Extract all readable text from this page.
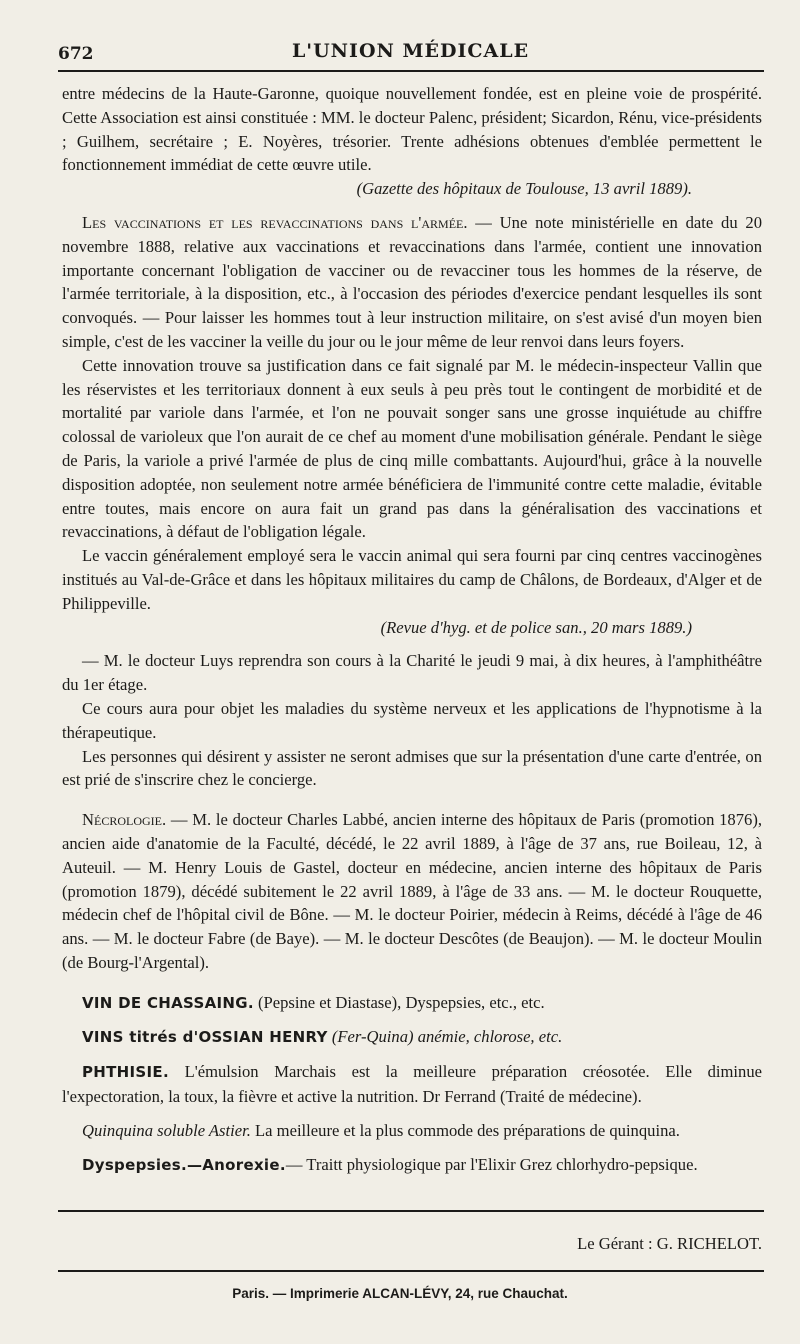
672	L'UNION MÉDICALE

entre médecins de la Haute-Garonne, quoique nouvellement fondée, est en pleine voie de prospérité. Cette Association est ainsi constituée : MM. le docteur Palenc, président; Sicardon, Rénu, vice-présidents ; Guilhem, secrétaire ; E. Noyères, trésorier. Trente adhésions obtenues d'emblée permettent le fonctionnement immédiat de cette œuvre utile.

(Gazette des hôpitaux de Toulouse, 13 avril 1889).

Les vaccinations et les revaccinations dans l'armée. — Une note ministérielle en date du 20 novembre 1888, relative aux vaccinations et revaccinations dans l'armée, contient une innovation importante concernant l'obligation de vacciner ou de revacciner tous les hommes de la réserve, de l'armée territoriale, à la disposition, etc., à l'occasion des périodes d'exercice pendant lesquelles ils sont convoqués. — Pour laisser les hommes tout à leur instruction militaire, on s'est avisé d'un moyen bien simple, c'est de les vacciner la veille du jour ou le jour même de leur renvoi dans leurs foyers.

Cette innovation trouve sa justification dans ce fait signalé par M. le médecin-inspecteur Vallin que les réservistes et les territoriaux donnent à eux seuls à peu près tout le contingent de morbidité et de mortalité par variole dans l'armée, et l'on ne pouvait songer sans une grosse inquiétude au chiffre colossal de varioleux que l'on aurait de ce chef au moment d'une mobilisation générale. Pendant le siège de Paris, la variole a privé l'armée de plus de cinq mille combattants. Aujourd'hui, grâce à la nouvelle disposition adoptée, non seulement notre armée bénéficiera de l'immunité contre cette maladie, évitable entre toutes, mais encore on aura fait un grand pas dans la généralisation des vaccinations et revaccinations, à défaut de l'obligation légale.

Le vaccin généralement employé sera le vaccin animal qui sera fourni par cinq centres vaccinogènes institués au Val-de-Grâce et dans les hôpitaux militaires du camp de Châlons, de Bordeaux, d'Alger et de Philippeville.

(Revue d'hyg. et de police san., 20 mars 1889.)

— M. le docteur Luys reprendra son cours à la Charité le jeudi 9 mai, à dix heures, à l'amphithéâtre du 1er étage.

Ce cours aura pour objet les maladies du système nerveux et les applications de l'hypnotisme à la thérapeutique.

Les personnes qui désirent y assister ne seront admises que sur la présentation d'une carte d'entrée, on est prié de s'inscrire chez le concierge.

Nécrologie. — M. le docteur Charles Labbé, ancien interne des hôpitaux de Paris (promotion 1876), ancien aide d'anatomie de la Faculté, décédé, le 22 avril 1889, à l'âge de 37 ans, rue Boileau, 12, à Auteuil. — M. Henry Louis de Gastel, docteur en médecine, ancien interne des hôpitaux de Paris (promotion 1879), décédé subitement le 22 avril 1889, à l'âge de 33 ans. — M. le docteur Rouquette, médecin chef de l'hôpital civil de Bône. — M. le docteur Poirier, médecin à Reims, décédé à l'âge de 46 ans. — M. le docteur Fabre (de Baye). — M. le docteur Descôtes (de Beaujon). — M. le docteur Moulin (de Bourg-l'Argental).

VIN DE CHASSAING. (Pepsine et Diastase), Dyspepsies, etc., etc.

VINS titrés d'OSSIAN HENRY (Fer-Quina) anémie, chlorose, etc.

PHTHISIE. L'émulsion Marchais est la meilleure préparation créosotée. Elle diminue l'expectoration, la toux, la fièvre et active la nutrition. Dr Ferrand (Traité de médecine).

Quinquina soluble Astier. La meilleure et la plus commode des préparations de quinquina.

Dyspepsies.—Anorexie.— Traitt physiologique par l'Elixir Grez chlorhydro-pepsique.

Le Gérant : G. RICHELOT.
Paris. — Imprimerie ALCAN-LÉVY, 24, rue Chauchat.
